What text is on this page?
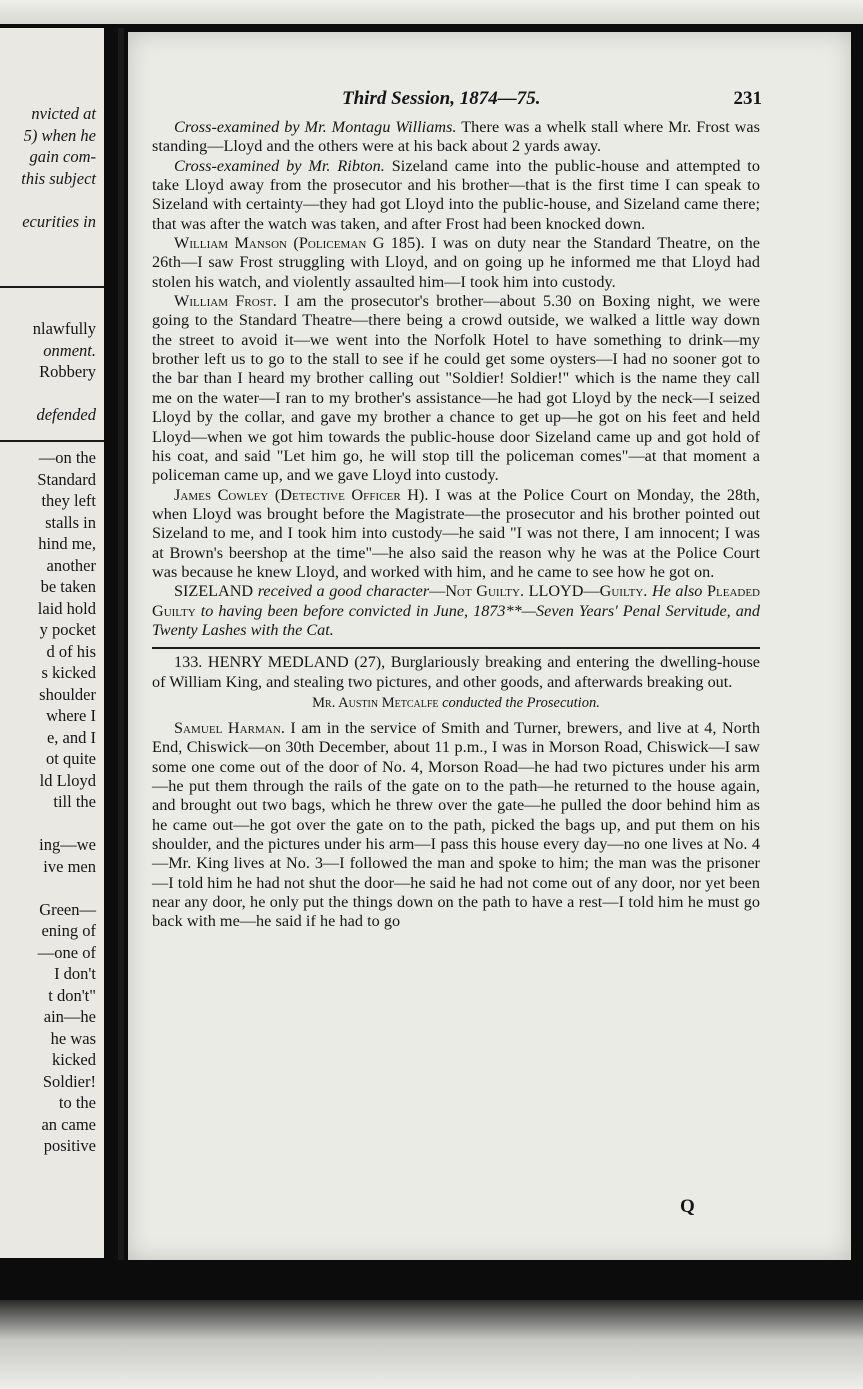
nvicted at
5) when he
gain com-
this subject
ecurities in
nlawfully
onment.
Robbery
defended
—on the
Standard
they left
stalls in
hind me,
another
be taken
laid hold
y pocket
d of his
s kicked
shoulder
where I
e, and I
ot quite
ld Lloyd
till the
ing—we
ive men
Green—
ening of
—one of
I don't
t don't"
ain—he
he was
kicked
Soldier!
to the
an came
positive
Third Session, 1874—75.	231

Cross-examined by Mr. Montagu Williams. There was a whelk stall where Mr. Frost was standing—Lloyd and the others were at his back about 2 yards away.

Cross-examined by Mr. Ribton. Sizeland came into the public-house and attempted to take Lloyd away from the prosecutor and his brother—that is the first time I can speak to Sizeland with certainty—they had got Lloyd into the public-house, and Sizeland came there; that was after the watch was taken, and after Frost had been knocked down.

William Manson (Policeman G 185). I was on duty near the Standard Theatre, on the 26th—I saw Frost struggling with Lloyd, and on going up he informed me that Lloyd had stolen his watch, and violently assaulted him—I took him into custody.

William Frost. I am the prosecutor's brother—about 5.30 on Boxing night, we were going to the Standard Theatre—there being a crowd outside, we walked a little way down the street to avoid it—we went into the Norfolk Hotel to have something to drink—my brother left us to go to the stall to see if he could get some oysters—I had no sooner got to the bar than I heard my brother calling out "Soldier! Soldier!" which is the name they call me on the water—I ran to my brother's assistance—he had got Lloyd by the neck—I seized Lloyd by the collar, and gave my brother a chance to get up—he got on his feet and held Lloyd—when we got him towards the public-house door Sizeland came up and got hold of his coat, and said "Let him go, he will stop till the policeman comes"—at that moment a policeman came up, and we gave Lloyd into custody.

James Cowley (Detective Officer H). I was at the Police Court on Monday, the 28th, when Lloyd was brought before the Magistrate—the prosecutor and his brother pointed out Sizeland to me, and I took him into custody—he said "I was not there, I am innocent; I was at Brown's beershop at the time"—he also said the reason why he was at the Police Court was because he knew Lloyd, and worked with him, and he came to see how he got on.

SIZELAND received a good character—Not Guilty. LLOYD—Guilty. He also Pleaded Guilty to having been before convicted in June, 1873**—Seven Years' Penal Servitude, and Twenty Lashes with the Cat.

133. HENRY MEDLAND (27), Burglariously breaking and entering the dwelling-house of William King, and stealing two pictures, and other goods, and afterwards breaking out.

Mr. Austin Metcalfe conducted the Prosecution.

Samuel Harman. I am in the service of Smith and Turner, brewers, and live at 4, North End, Chiswick—on 30th December, about 11 p.m., I was in Morson Road, Chiswick—I saw some one come out of the door of No. 4, Morson Road—he had two pictures under his arm—he put them through the rails of the gate on to the path—he returned to the house again, and brought out two bags, which he threw over the gate—he pulled the door behind him as he came out—he got over the gate on to the path, picked the bags up, and put them on his shoulder, and the pictures under his arm—I pass this house every day—no one lives at No. 4—Mr. King lives at No. 3—I followed the man and spoke to him; the man was the prisoner—I told him he had not shut the door—he said he had not come out of any door, nor yet been near any door, he only put the things down on the path to have a rest—I told him he must go back with me—he said if he had to go

Q
